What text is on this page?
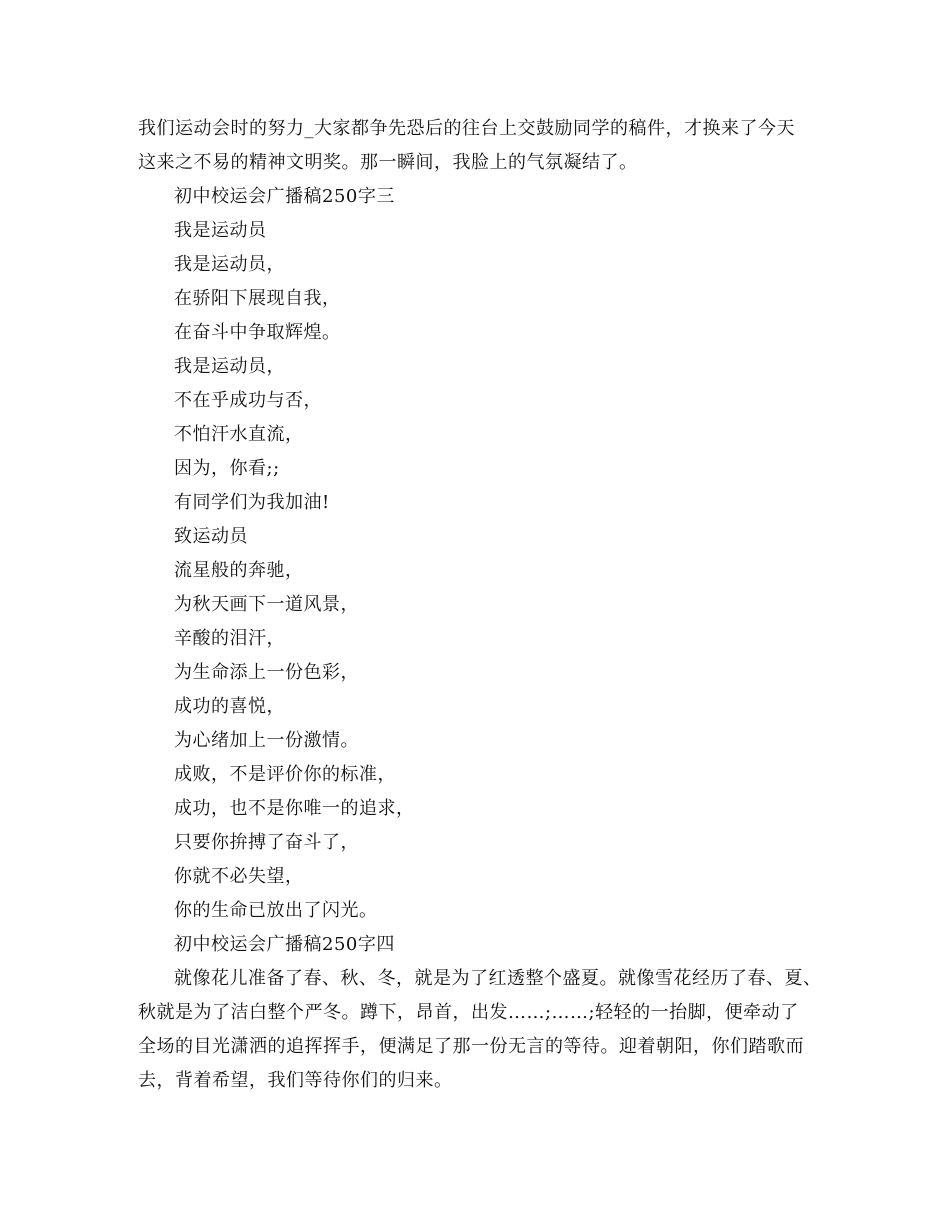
我们运动会时的努力_大家都争先恐后的往台上交鼓励同学的稿件，才换来了今天
这来之不易的精神文明奖。那一瞬间，我脸上的气氛凝结了。
初中校运会广播稿250字三
我是运动员
我是运动员，
在骄阳下展现自我，
在奋斗中争取辉煌。
我是运动员，
不在乎成功与否，
不怕汗水直流，
因为，你看;;
有同学们为我加油!
致运动员
流星般的奔驰，
为秋天画下一道风景，
辛酸的泪汗，
为生命添上一份色彩，
成功的喜悦，
为心绪加上一份激情。
成败，不是评价你的标准，
成功，也不是你唯一的追求，
只要你拚搏了奋斗了，
你就不必失望，
你的生命已放出了闪光。
初中校运会广播稿250字四
就像花儿准备了春、秋、冬，就是为了红透整个盛夏。就像雪花经历了春、夏、
秋就是为了洁白整个严冬。蹲下，昂首，出发……;……;轻轻的一抬脚，便牵动了
全场的目光潇洒的追挥挥手，便满足了那一份无言的等待。迎着朝阳，你们踏歌而
去，背着希望，我们等待你们的归来。
